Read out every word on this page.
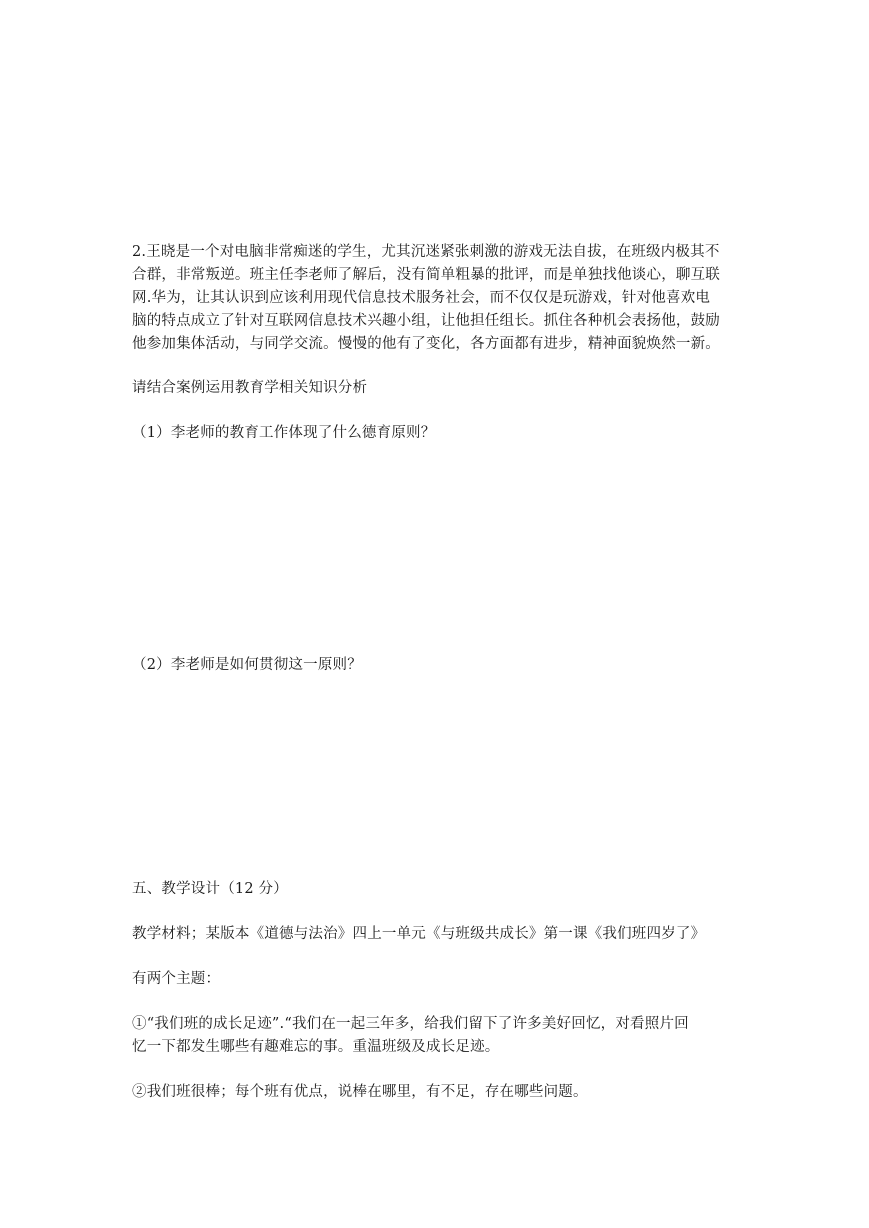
2.王晓是一个对电脑非常痴迷的学生，尤其沉迷紧张刺激的游戏无法自拔，在班级内极其不
合群，非常叛逆。班主任李老师了解后，没有简单粗暴的批评，而是单独找他谈心，聊互联
网.华为，让其认识到应该利用现代信息技术服务社会，而不仅仅是玩游戏，针对他喜欢电
脑的特点成立了针对互联网信息技术兴趣小组，让他担任组长。抓住各种机会表扬他，鼓励
他参加集体活动，与同学交流。慢慢的他有了变化，各方面都有进步，精神面貌焕然一新。
请结合案例运用教育学相关知识分析
（1）李老师的教育工作体现了什么德育原则？
（2）李老师是如何贯彻这一原则？
五、教学设计（12 分）
教学材料；某版本《道德与法治》四上一单元《与班级共成长》第一课《我们班四岁了》
有两个主题：
①“我们班的成长足迹”.“我们在一起三年多，给我们留下了许多美好回忆，对看照片回
忆一下都发生哪些有趣难忘的事。重温班级及成长足迹。
②我们班很棒；每个班有优点，说棒在哪里，有不足，存在哪些问题。
